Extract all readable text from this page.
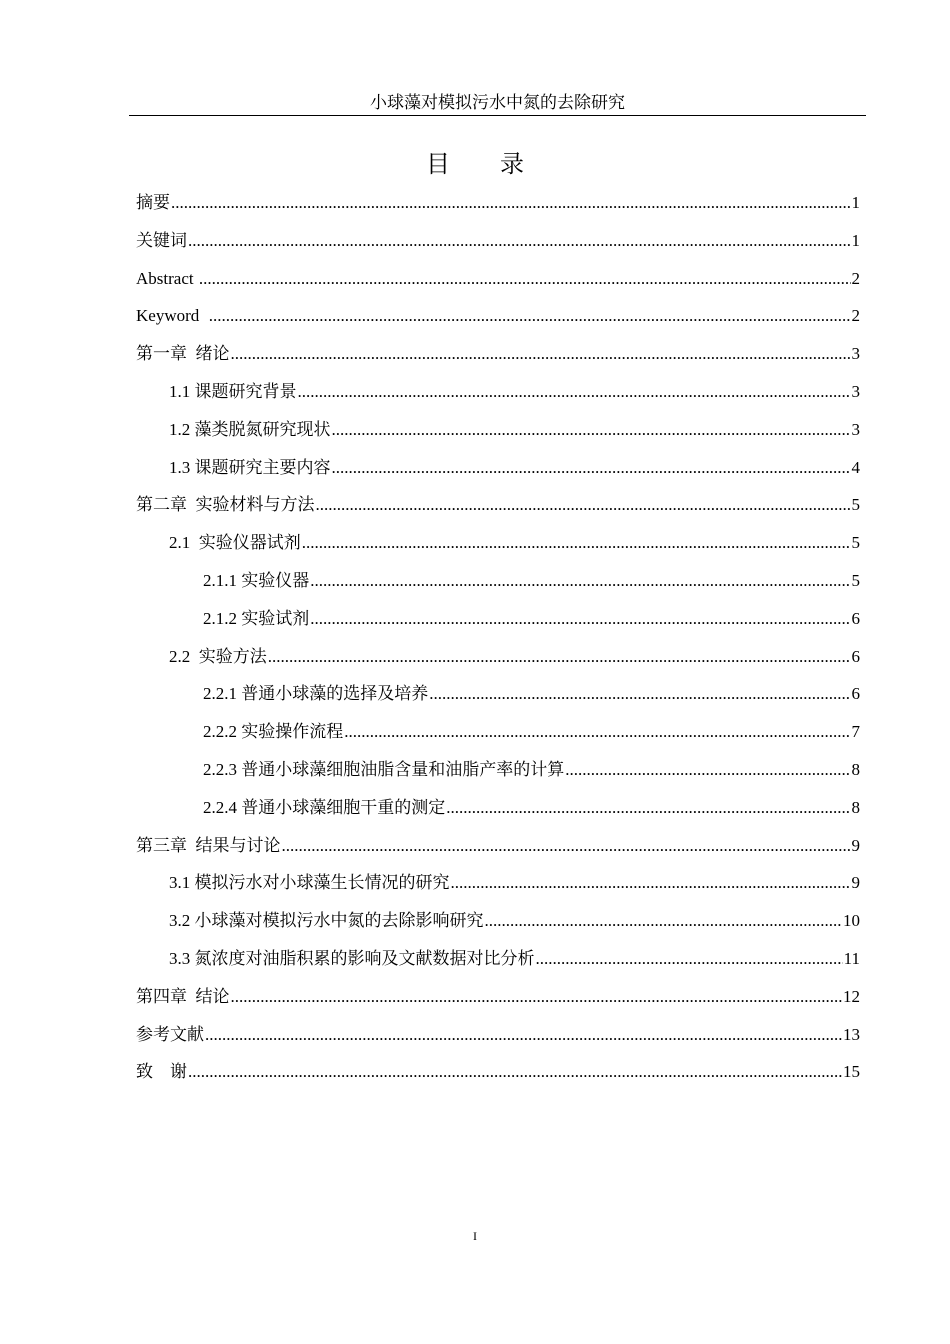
小球藻对模拟污水中氮的去除研究
目 录
摘要 .....	1
关键词 .....	1
Abstract .....	2
Keyword .....	2
第一章  绪论 .....	3
1.1 课题研究背景 .....	3
1.2 藻类脱氮研究现状 .....	3
1.3 课题研究主要内容 .....	4
第二章  实验材料与方法 .....	5
2.1  实验仪器试剂 .....	5
2.1.1 实验仪器 .....	5
2.1.2 实验试剂 .....	6
2.2  实验方法 .....	6
2.2.1 普通小球藻的选择及培养 .....	6
2.2.2 实验操作流程 .....	7
2.2.3 普通小球藻细胞油脂含量和油脂产率的计算 .....	8
2.2.4 普通小球藻细胞干重的测定 .....	8
第三章  结果与讨论 .....	9
3.1 模拟污水对小球藻生长情况的研究 .....	9
3.2 小球藻对模拟污水中氮的去除影响研究 .....	10
3.3 氮浓度对油脂积累的影响及文献数据对比分析 .....	11
第四章  结论 .....	12
参考文献 .....	13
致    谢 .....	15
I
